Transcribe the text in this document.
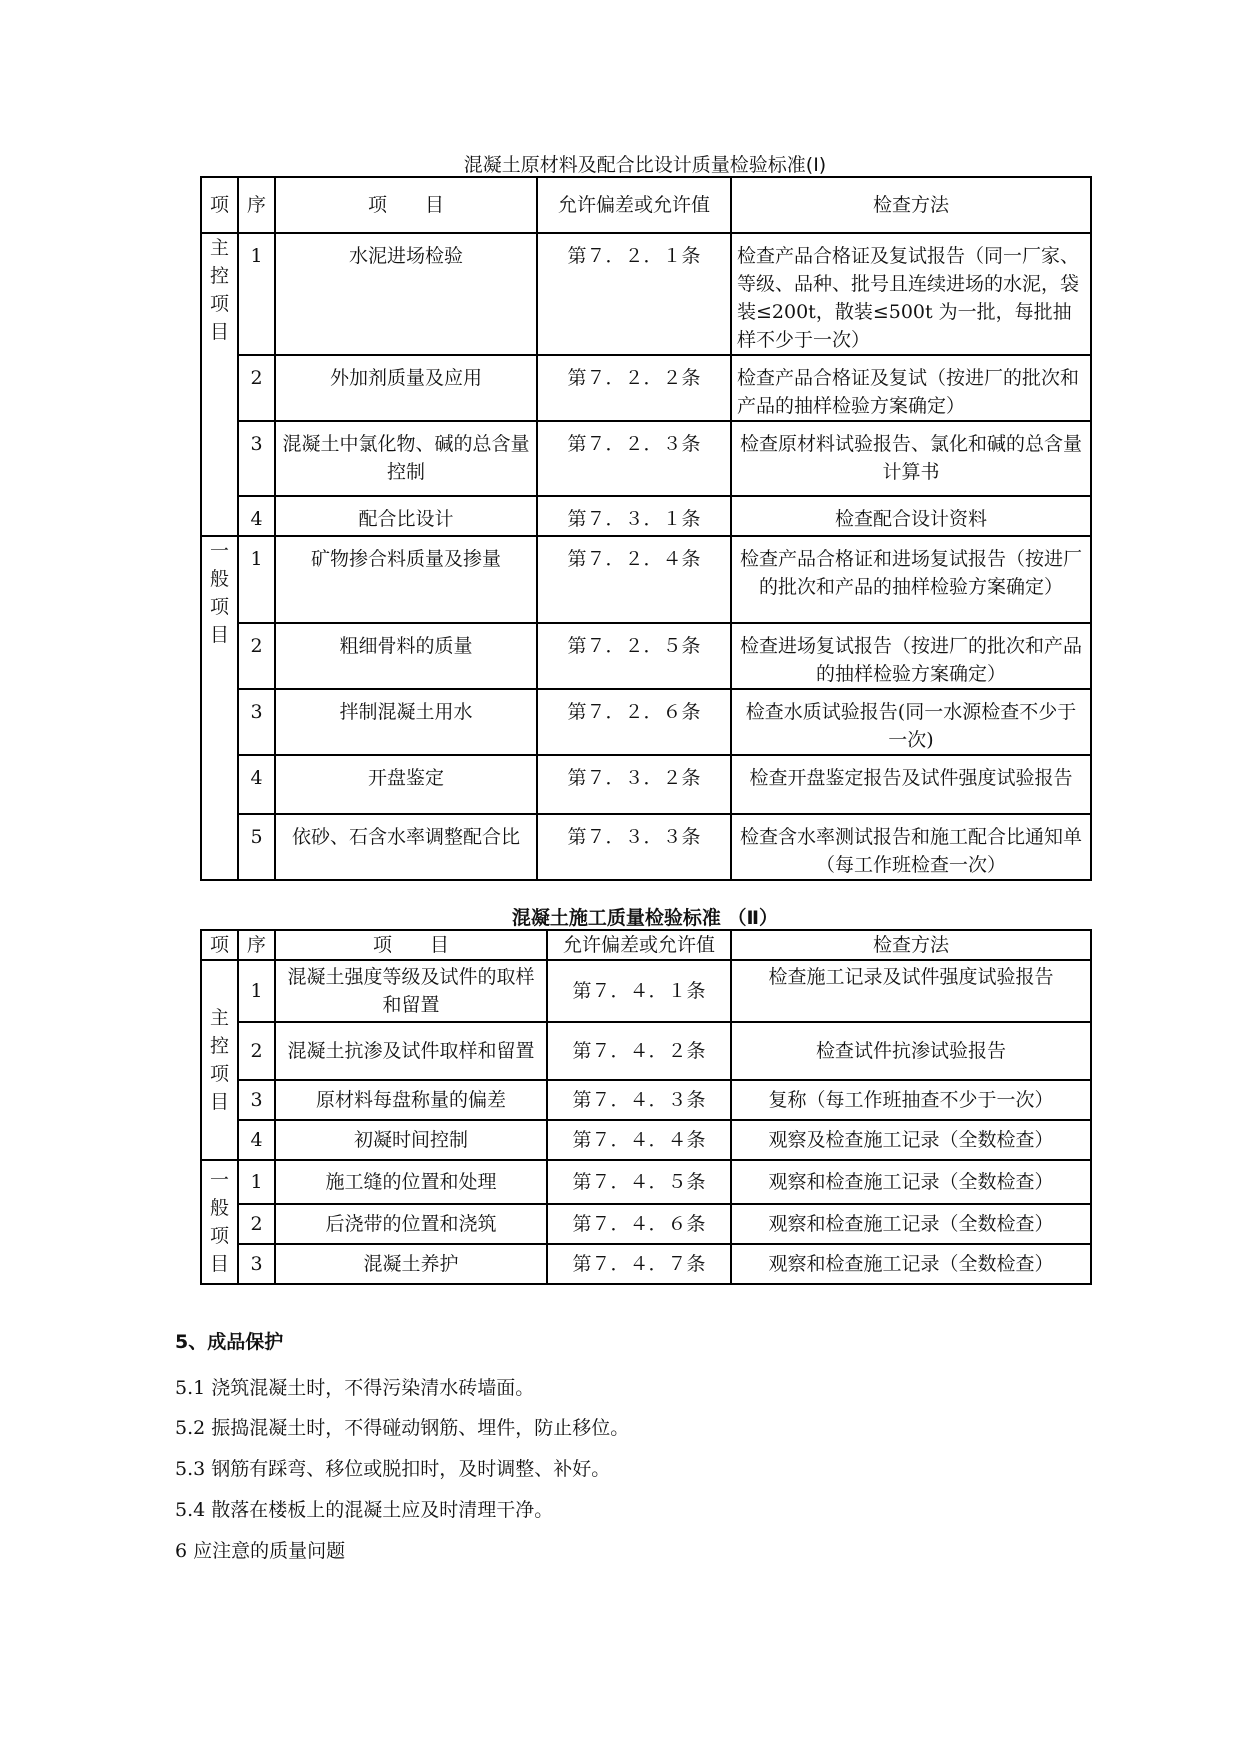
混凝土原材料及配合比设计质量检验标准(Ⅰ)
项	序	项　　目	允许偏差或允许值	检查方法

主
控
项
目	1	水泥进场检验	第７．２．１条	检查产品合格证及复试报告（同一厂家、等级、品种、批号且连续进场的水泥，袋装≤200t，散装≤500t 为一批，每批抽样不少于一次）
	2	外加剂质量及应用	第７．２．２条	检查产品合格证及复试（按进厂的批次和产品的抽样检验方案确定）
	3	混凝土中氯化物、碱的总含量控制	第７．２．３条	检查原材料试验报告、氯化和碱的总含量计算书
	4	配合比设计	第７．３．１条	检查配合设计资料

一
般
项
目	1	矿物掺合料质量及掺量	第７．２．４条	检查产品合格证和进场复试报告（按进厂的批次和产品的抽样检验方案确定）
	2	粗细骨料的质量	第７．２．５条	检查进场复试报告（按进厂的批次和产品的抽样检验方案确定）
	3	拌制混凝土用水	第７．２．６条	检查水质试验报告(同一水源检查不少于一次)
	4	开盘鉴定	第７．３．２条	检查开盘鉴定报告及试件强度试验报告
	5	依砂、石含水率调整配合比	第７．３．３条	检查含水率测试报告和施工配合比通知单（每工作班检查一次）
混凝土施工质量检验标准 （Ⅱ）
项	序	项　　目	允许偏差或允许值	检查方法

主
控
项
目	1	混凝土强度等级及试件的取样和留置	第７．４．１条	检查施工记录及试件强度试验报告
	2	混凝土抗渗及试件取样和留置	第７．４．２条	检查试件抗渗试验报告
	3	原材料每盘称量的偏差	第７．４．３条	复称（每工作班抽查不少于一次）
	4	初凝时间控制	第７．４．４条	观察及检查施工记录（全数检查）

一
般
项
目	1	施工缝的位置和处理	第７．４．５条	观察和检查施工记录（全数检查）
	2	后浇带的位置和浇筑	第７．４．６条	观察和检查施工记录（全数检查）
	3	混凝土养护	第７．４．７条	观察和检查施工记录（全数检查）
5、成品保护

5.1 浇筑混凝土时，不得污染清水砖墙面。

5.2 振捣混凝土时，不得碰动钢筋、埋件，防止移位。

5.3 钢筋有踩弯、移位或脱扣时，及时调整、补好。

5.4 散落在楼板上的混凝土应及时清理干净。

6 应注意的质量问题
